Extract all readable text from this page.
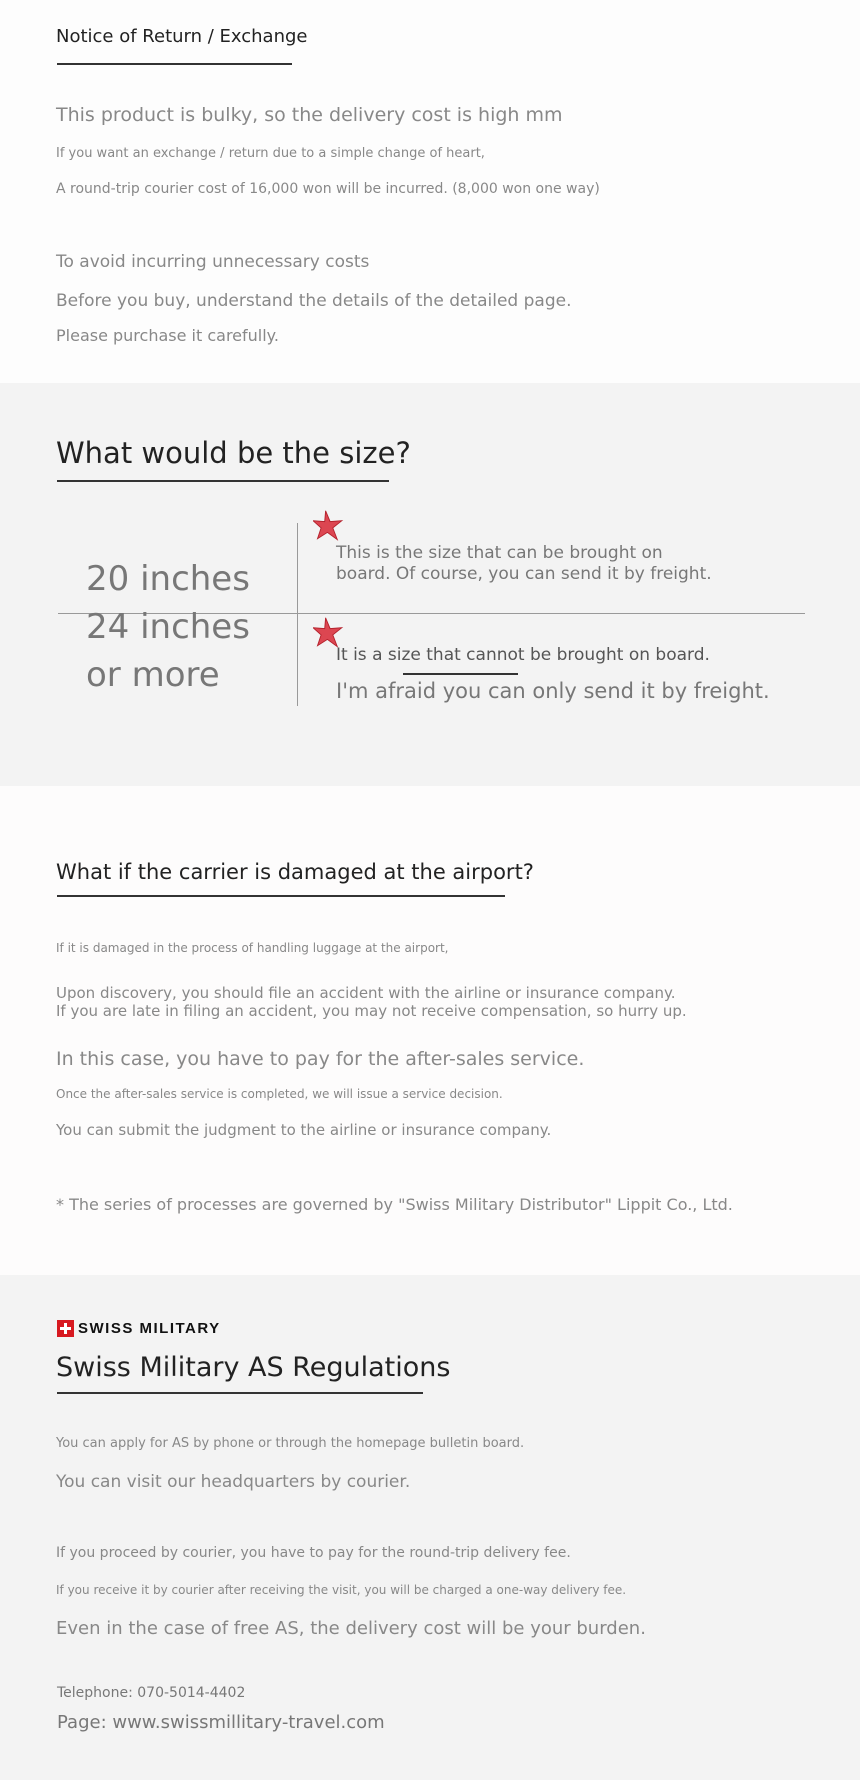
Notice of Return / Exchange
This product is bulky, so the delivery cost is high mm
If you want an exchange / return due to a simple change of heart,
A round-trip courier cost of 16,000 won will be incurred. (8,000 won one way)
To avoid incurring unnecessary costs
Before you buy, understand the details of the detailed page.
Please purchase it carefully.
What would be the size?
20 inches
24 inches
or more
This is the size that can be brought on
board. Of course, you can send it by freight.
It is a size that cannot be brought on board.
I'm afraid you can only send it by freight.
What if the carrier is damaged at the airport?
If it is damaged in the process of handling luggage at the airport,
Upon discovery, you should file an accident with the airline or insurance company.
If you are late in filing an accident, you may not receive compensation, so hurry up.
In this case, you have to pay for the after-sales service.
Once the after-sales service is completed, we will issue a service decision.
You can submit the judgment to the airline or insurance company.
* The series of processes are governed by "Swiss Military Distributor" Lippit Co., Ltd.
SWISS MILITARY
Swiss Military AS Regulations
You can apply for AS by phone or through the homepage bulletin board.
You can visit our headquarters by courier.
If you proceed by courier, you have to pay for the round-trip delivery fee.
If you receive it by courier after receiving the visit, you will be charged a one-way delivery fee.
Even in the case of free AS, the delivery cost will be your burden.
Telephone: 070-5014-4402
Page: www.swissmillitary-travel.com
